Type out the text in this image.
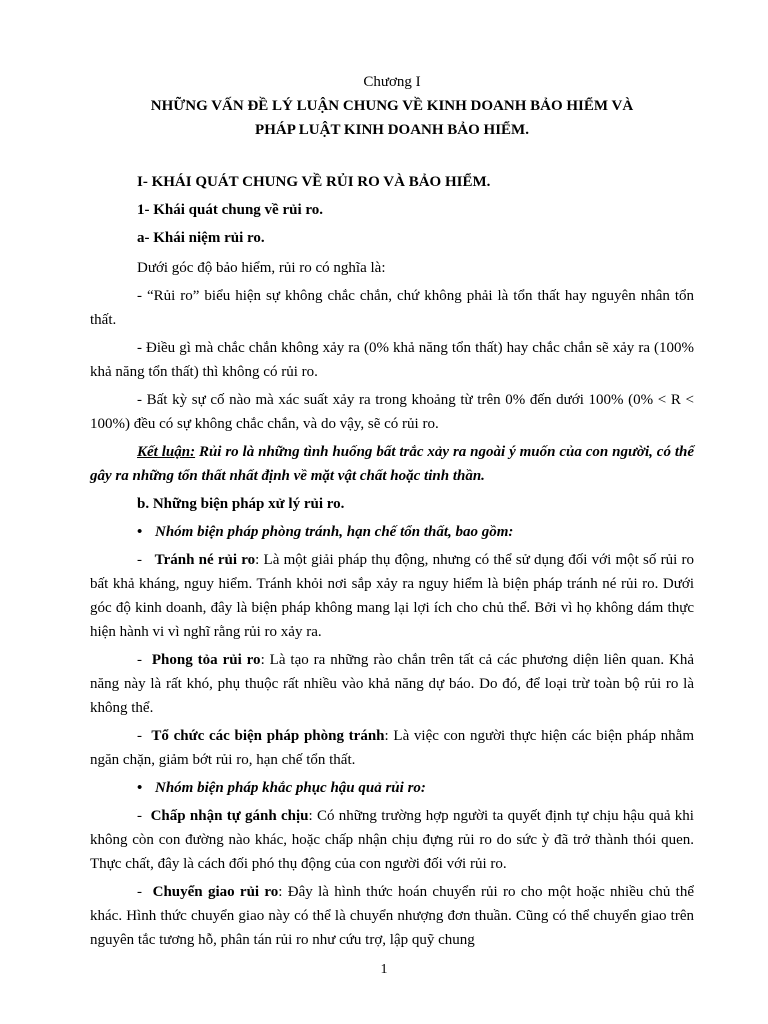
Chương I
NHỮNG VẤN ĐỀ LÝ LUẬN CHUNG VỀ KINH DOANH BẢO HIỂM VÀ
PHÁP LUẬT KINH DOANH BẢO HIỂM.
I- KHÁI QUÁT CHUNG VỀ RỦI RO VÀ BẢO HIỂM.
1- Khái quát chung về rủi ro.
a- Khái niệm rủi ro.
Dưới góc độ bảo hiểm, rủi ro có nghĩa là:
- “Rủi ro” biểu hiện sự không chắc chắn, chứ không phải là tổn thất hay nguyên nhân tổn thất.
- Điều gì mà chắc chắn không xảy ra (0% khả năng tổn thất) hay chắc chắn sẽ xảy ra (100% khả năng tổn thất) thì không có rủi ro.
- Bất kỳ sự cố nào mà xác suất xảy ra trong khoảng từ trên 0% đến dưới 100% (0% < R < 100%) đều có sự không chắc chắn, và do vậy, sẽ có rủi ro.
Kết luận: Rủi ro là những tình huống bất trắc xảy ra ngoài ý muốn của con người, có thể gây ra những tổn thất nhất định về mặt vật chất hoặc tinh thần.
b. Những biện pháp xử lý rủi ro.
• Nhóm biện pháp phòng tránh, hạn chế tổn thất, bao gồm:
-   Tránh né rủi ro: Là một giải pháp thụ động, nhưng có thể sử dụng đối với một số rủi ro bất khả kháng, nguy hiểm. Tránh khỏi nơi sắp xảy ra nguy hiểm là biện pháp tránh né rủi ro. Dưới góc độ kinh doanh, đây là biện pháp không mang lại lợi ích cho chủ thể. Bởi vì họ không dám thực hiện hành vi vì nghĩ rằng rủi ro xảy ra.
-  Phong tỏa rủi ro: Là tạo ra những rào chắn trên tất cả các phương diện liên quan. Khả năng này là rất khó, phụ thuộc rất nhiều vào khả năng dự báo. Do đó, để loại trừ toàn bộ rủi ro là không thể.
-  Tổ chức các biện pháp phòng tránh: Là việc con người thực hiện các biện pháp nhằm ngăn chặn, giảm bớt rủi ro, hạn chế tổn thất.
• Nhóm biện pháp khắc phục hậu quả rủi ro:
-  Chấp nhận tự gánh chịu: Có những trường hợp người ta quyết định tự chịu hậu quả khi không còn con đường nào khác, hoặc chấp nhận chịu đựng rủi ro do sức ỳ đã trở thành thói quen. Thực chất, đây là cách đối phó thụ động của con người đối với rủi ro.
-  Chuyển giao rủi ro: Đây là hình thức hoán chuyển rủi ro cho một hoặc nhiều chủ thể khác. Hình thức chuyển giao này có thể là chuyển nhượng đơn thuần. Cũng có thể chuyển giao trên nguyên tắc tương hỗ, phân tán rủi ro như cứu trợ, lập quỹ chung
1
